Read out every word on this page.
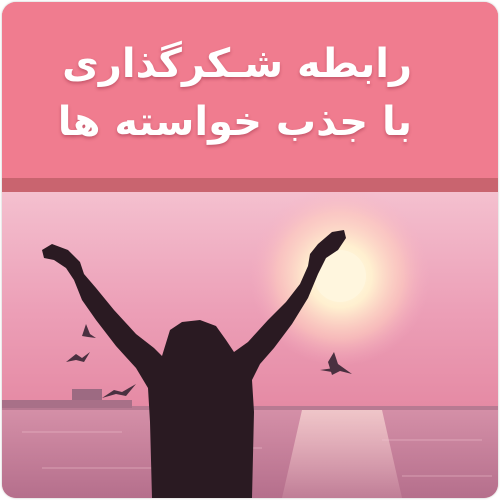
رابطه شـکرگذاری
با جذب خواسته ها
